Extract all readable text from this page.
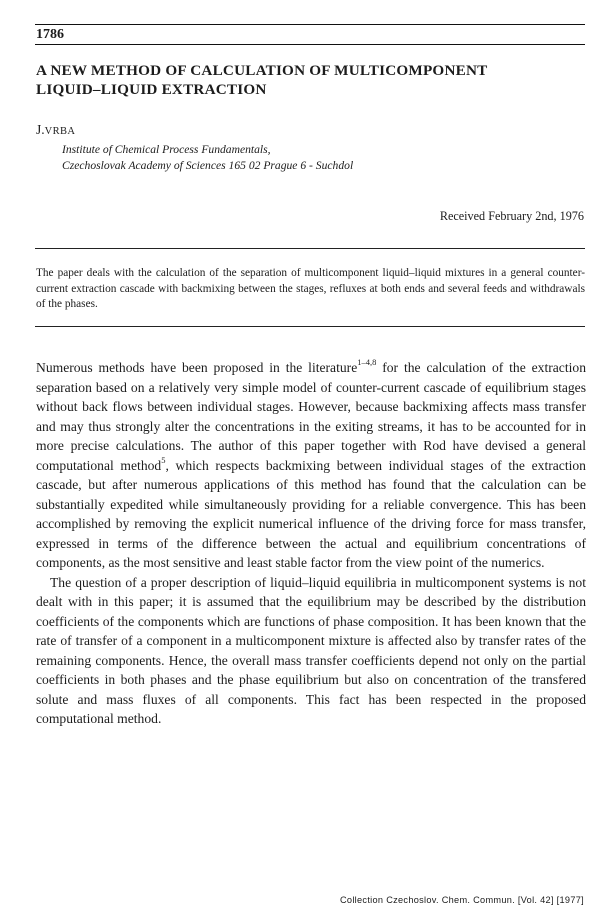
1786
A NEW METHOD OF CALCULATION OF MULTICOMPONENT
LIQUID–LIQUID EXTRACTION
J.VRBA
Institute of Chemical Process Fundamentals,
Czechoslovak Academy of Sciences 165 02 Prague 6 - Suchdol
Received February 2nd, 1976
The paper deals with the calculation of the separation of multicomponent liquid–liquid mixtures in a general counter-current extraction cascade with backmixing between the stages, refluxes at both ends and several feeds and withdrawals of the phases.

Numerous methods have been proposed in the literature$^{1-4,8}$ for the calculation of the extraction separation based on a relatively very simple model of counter-current cascade of equilibrium stages without back flows between individual stages. However, because backmixing affects mass transfer and may thus strongly alter the concentrations in the exiting streams, it has to be accounted for in more precise calculations. The author of this paper together with Rod have devised a general computational method$^5$, which respects backmixing between individual stages of the extraction cascade, but after numerous applications of this method has found that the calculation can be substantially expedited while simultaneously providing for a reliable convergence. This has been accomplished by removing the explicit numerical influence of the driving force for mass transfer, expressed in terms of the difference between the actual and equilibrium concentrations of components, as the most sensitive and least stable factor from the view point of the numerics.

The question of a proper description of liquid–liquid equilibria in multicomponent systems is not dealt with in this paper; it is assumed that the equilibrium may be described by the distribution coefficients of the components which are functions of phase composition. It has been known that the rate of transfer of a component in a multicomponent mixture is affected also by transfer rates of the remaining components. Hence, the overall mass transfer coefficients depend not only on the partial coefficients in both phases and the phase equilibrium but also on concentration of the transfered solute and mass fluxes of all components. This fact has been respected in the proposed computational method.

Collection Czechoslov. Chem. Commun. [Vol. 42] [1977]
